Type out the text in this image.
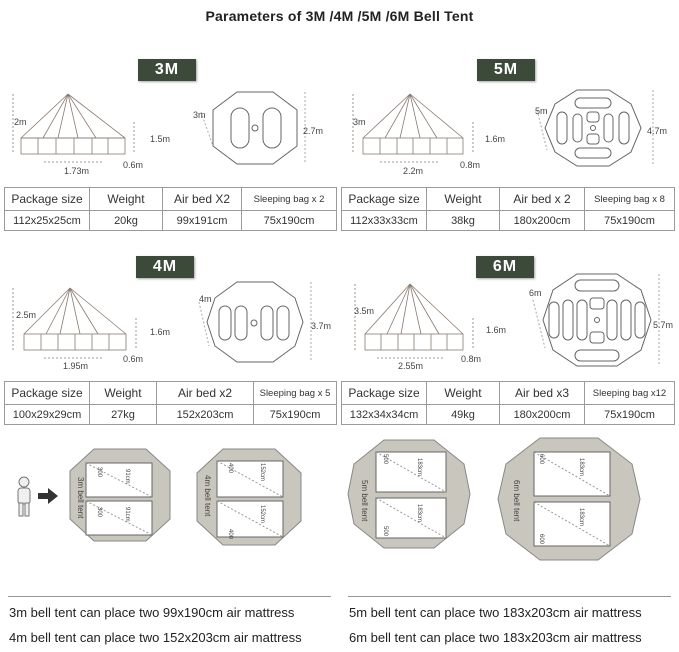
Parameters of 3M /4M /5M /6M Bell Tent
3M
2m
1.5m
0.6m
1.73m
3m
2.7m
Package size	Weight	Air bed X2	Sleeping bag x 2
112x25x25cm	20kg	99x191cm	75x190cm
5M
3m
1.6m
0.8m
2.2m
5m
4.7m
Package size	Weight	Air bed x 2	Sleeping bag x 8
112x33x33cm	38kg	180x200cm	75x190cm
4M
2.5m
1.6m
0.6m
1.95m
4m
3.7m
Package size	Weight	Air bed x2	Sleeping bag x 5
100x29x29cm	27kg	152x203cm	75x190cm
6M
3.5m
1.6m
0.8m
2.55m
6m
5.7m
Package size	Weight	Air bed x3	Sleeping bag x12
132x34x34cm	49kg	180x200cm	75x190cm
3m bell tent
300
300
91cm
91cm	4m bell tent
400
400
152cm
152cm	5m bell tent
500
500
183cm
183cm	6m bell tent
600
600
183cm
183cm
3m bell tent can place two 99x190cm air mattress	5m bell tent can place two 183x203cm air mattress
4m bell tent can place two 152x203cm air mattress	6m bell tent can place two 183x203cm air mattress
